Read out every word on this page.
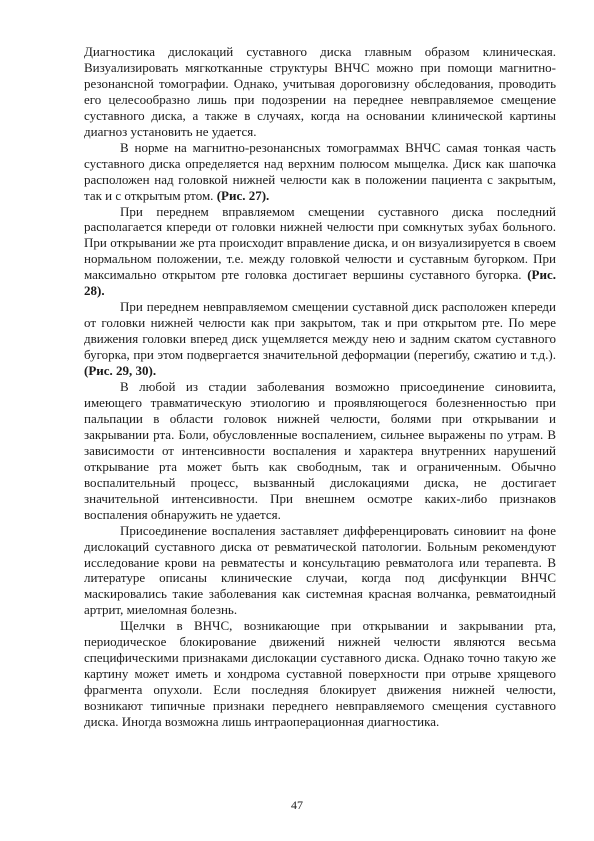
Диагностика дислокаций суставного диска главным образом клиническая. Визуализировать мягкотканные структуры ВНЧС можно при помощи магнитно-резонансной томографии. Однако, учитывая дороговизну обследования, проводить его целесообразно лишь при подозрении на переднее невправляемое смещение суставного диска, а также в случаях, когда на основании клинической картины диагноз установить не удается.

В норме на магнитно-резонансных томограммах ВНЧС самая тонкая часть суставного диска определяется над верхним полюсом мыщелка. Диск как шапочка расположен над головкой нижней челюсти как в положении пациента с закрытым, так и с открытым ртом. (Рис. 27).

При переднем вправляемом смещении суставного диска последний располагается кпереди от головки нижней челюсти при сомкнутых зубах больного. При открывании же рта происходит вправление диска, и он визуализируется в своем нормальном положении, т.е. между головкой челюсти и суставным бугорком. При максимально открытом рте головка достигает вершины суставного бугорка. (Рис. 28).

При переднем невправляемом смещении суставной диск расположен кпереди от головки нижней челюсти как при закрытом, так и при открытом рте. По мере движения головки вперед диск ущемляется между нею и задним скатом суставного бугорка, при этом подвергается значительной деформации (перегибу, сжатию и т.д.). (Рис. 29, 30).

В любой из стадии заболевания возможно присоединение синовиита, имеющего травматическую этиологию и проявляющегося болезненностью при пальпации в области головок нижней челюсти, болями при открывании и закрывании рта. Боли, обусловленные воспалением, сильнее выражены по утрам. В зависимости от интенсивности воспаления и характера внутренних нарушений открывание рта может быть как свободным, так и ограниченным. Обычно воспалительный процесс, вызванный дислокациями диска, не достигает значительной интенсивности. При внешнем осмотре каких-либо признаков воспаления обнаружить не удается.

Присоединение воспаления заставляет дифференцировать синовиит на фоне дислокаций суставного диска от ревматической патологии. Больным рекомендуют исследование крови на ревматесты и консультацию ревматолога или терапевта. В литературе описаны клинические случаи, когда под дисфункции ВНЧС маскировались такие заболевания как системная красная волчанка, ревматоидный артрит, миеломная болезнь.

Щелчки в ВНЧС, возникающие при открывании и закрывании рта, периодическое блокирование движений нижней челюсти являются весьма специфическими признаками дислокации суставного диска. Однако точно такую же картину может иметь и хондрома суставной поверхности при отрыве хрящевого фрагмента опухоли. Если последняя блокирует движения нижней челюсти, возникают типичные признаки переднего невправляемого смещения суставного диска. Иногда возможна лишь интраоперационная диагностика.

47
